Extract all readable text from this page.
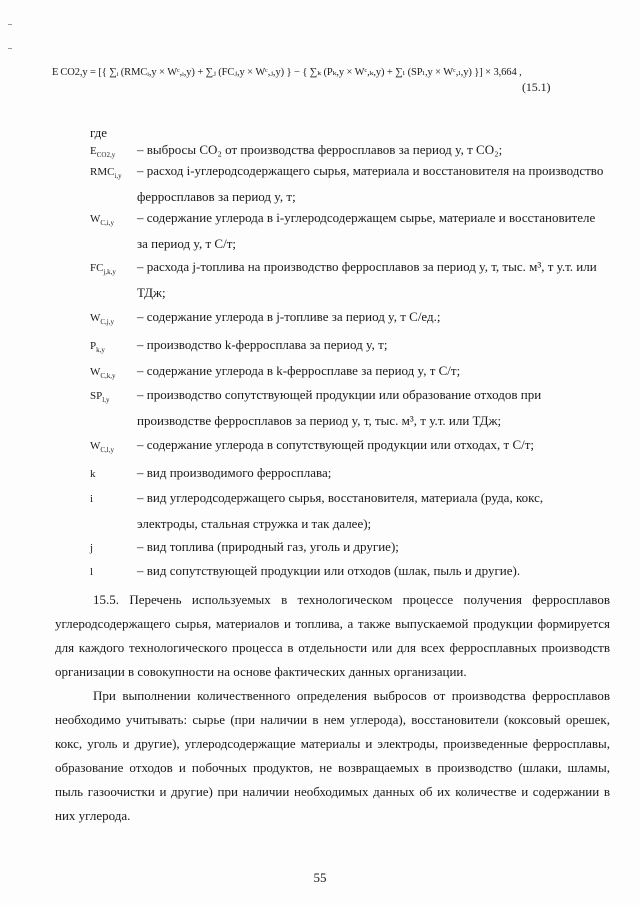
E CO2,y = [{ ∑ᵢ (RMCᵢ,y × Wᶜ,ᵢ,y) + ∑ⱼ (FCⱼ,y × Wᶜ,ⱼ,y) } − { ∑ₖ (Pₖ,y × Wᶜ,ₖ,y) + ∑ₗ (SPₗ,y × Wᶜ,ₗ,y) }] × 3,664 ,
(15.1)
где
$E_{CO2,y}$	– выбросы CO₂ от производства ферросплавов за период y, т CO₂;
$RMC_{i,y}$	– расход i-углеродсодержащего сырья, материала и восстановителя на производство ферросплавов за период y, т;
$W_{C,i,y}$	– содержание углерода в i-углеродсодержащем сырье, материале и восстановителе за период y, т С/т;
$FC_{j,k,y}$	– расхода j-топлива на производство ферросплавов за период y, т, тыс. м³, т у.т. или ТДж;
$W_{C,j,y}$	– содержание углерода в j-топливе за период y, т С/ед.;
$P_{k,y}$	– производство k-ферросплава за период y, т;
$W_{C,k,y}$	– содержание углерода в k-ферросплаве за период y, т С/т;
$SP_{l,y}$	– производство сопутствующей продукции или образование отходов при производстве ферросплавов за период y, т, тыс. м³, т у.т. или ТДж;
$W_{C,l,y}$	– содержание углерода в сопутствующей продукции или отходах, т С/т;
k	– вид производимого ферросплава;
i	– вид углеродсодержащего сырья, восстановителя, материала (руда, кокс, электроды, стальная стружка и так далее);
j	– вид топлива (природный газ, уголь и другие);
l	– вид сопутствующей продукции или отходов (шлак, пыль и другие).
15.5. Перечень используемых в технологическом процессе получения ферросплавов углеродсодержащего сырья, материалов и топлива, а также выпускаемой продукции формируется для каждого технологического процесса в отдельности или для всех ферросплавных производств организации в совокупности на основе фактических данных организации.
При выполнении количественного определения выбросов от производства ферросплавов необходимо учитывать: сырье (при наличии в нем углерода), восстановители (коксовый орешек, кокс, уголь и другие), углеродсодержащие материалы и электроды, произведенные ферросплавы, образование отходов и побочных продуктов, не возвращаемых в производство (шлаки, шламы, пыль газоочистки и другие) при наличии необходимых данных об их количестве и содержании в них углерода.
55
